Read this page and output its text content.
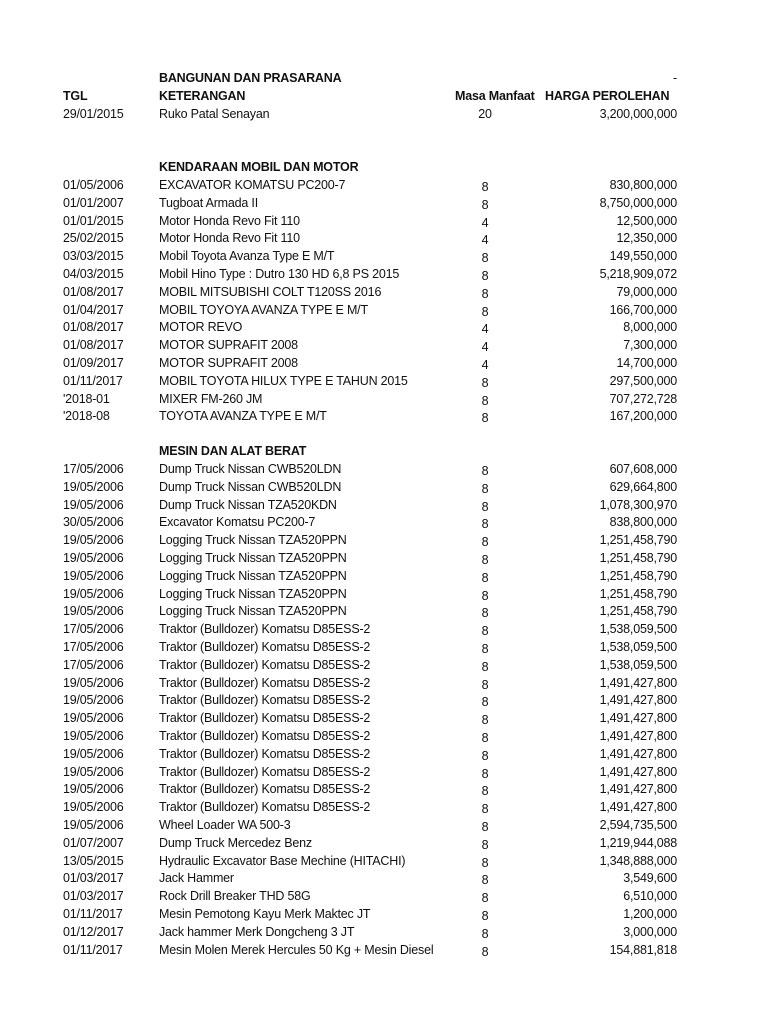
BANGUNAN DAN PRASARANA	-
TGL	KETERANGAN	Masa Manfaat HARGA PEROLEHAN
29/01/2015	Ruko Patal Senayan	20	3,200,000,000
KENDARAAN MOBIL DAN MOTOR
01/05/2006	EXCAVATOR KOMATSU PC200-7	8	830,800,000
01/01/2007	Tugboat Armada II	8	8,750,000,000
01/01/2015	Motor Honda Revo Fit 110	4	12,500,000
25/02/2015	Motor Honda Revo Fit 110	4	12,350,000
03/03/2015	Mobil Toyota Avanza Type E M/T	8	149,550,000
04/03/2015	Mobil Hino Type : Dutro 130 HD 6,8 PS 2015	8	5,218,909,072
01/08/2017	MOBIL MITSUBISHI COLT T120SS 2016	8	79,000,000
01/04/2017	MOBIL TOYOYA AVANZA TYPE E M/T	8	166,700,000
01/08/2017	MOTOR REVO	4	8,000,000
01/08/2017	MOTOR SUPRAFIT 2008	4	7,300,000
01/09/2017	MOTOR SUPRAFIT 2008	4	14,700,000
01/11/2017	MOBIL TOYOTA HILUX TYPE E TAHUN 2015	8	297,500,000
'2018-01	MIXER FM-260 JM	8	707,272,728
'2018-08	TOYOTA AVANZA TYPE E M/T	8	167,200,000
MESIN DAN ALAT BERAT
17/05/2006	Dump Truck Nissan CWB520LDN	8	607,608,000
19/05/2006	Dump Truck Nissan CWB520LDN	8	629,664,800
19/05/2006	Dump Truck Nissan TZA520KDN	8	1,078,300,970
30/05/2006	Excavator Komatsu PC200-7	8	838,800,000
19/05/2006	Logging Truck Nissan TZA520PPN	8	1,251,458,790
19/05/2006	Logging Truck Nissan TZA520PPN	8	1,251,458,790
19/05/2006	Logging Truck Nissan TZA520PPN	8	1,251,458,790
19/05/2006	Logging Truck Nissan TZA520PPN	8	1,251,458,790
19/05/2006	Logging Truck Nissan TZA520PPN	8	1,251,458,790
17/05/2006	Traktor (Bulldozer) Komatsu D85ESS-2	8	1,538,059,500
17/05/2006	Traktor (Bulldozer) Komatsu D85ESS-2	8	1,538,059,500
17/05/2006	Traktor (Bulldozer) Komatsu D85ESS-2	8	1,538,059,500
19/05/2006	Traktor (Bulldozer) Komatsu D85ESS-2	8	1,491,427,800
19/05/2006	Traktor (Bulldozer) Komatsu D85ESS-2	8	1,491,427,800
19/05/2006	Traktor (Bulldozer) Komatsu D85ESS-2	8	1,491,427,800
19/05/2006	Traktor (Bulldozer) Komatsu D85ESS-2	8	1,491,427,800
19/05/2006	Traktor (Bulldozer) Komatsu D85ESS-2	8	1,491,427,800
19/05/2006	Traktor (Bulldozer) Komatsu D85ESS-2	8	1,491,427,800
19/05/2006	Traktor (Bulldozer) Komatsu D85ESS-2	8	1,491,427,800
19/05/2006	Traktor (Bulldozer) Komatsu D85ESS-2	8	1,491,427,800
19/05/2006	Wheel Loader WA 500-3	8	2,594,735,500
01/07/2007	Dump Truck Mercedez Benz	8	1,219,944,088
13/05/2015	Hydraulic Excavator Base Mechine (HITACHI)	8	1,348,888,000
01/03/2017	Jack Hammer	8	3,549,600
01/03/2017	Rock Drill Breaker THD 58G	8	6,510,000
01/11/2017	Mesin Pemotong Kayu Merk Maktec JT	8	1,200,000
01/12/2017	Jack hammer Merk Dongcheng 3 JT	8	3,000,000
01/11/2017	Mesin Molen Merek Hercules 50 Kg + Mesin Diesel	8	154,881,818
